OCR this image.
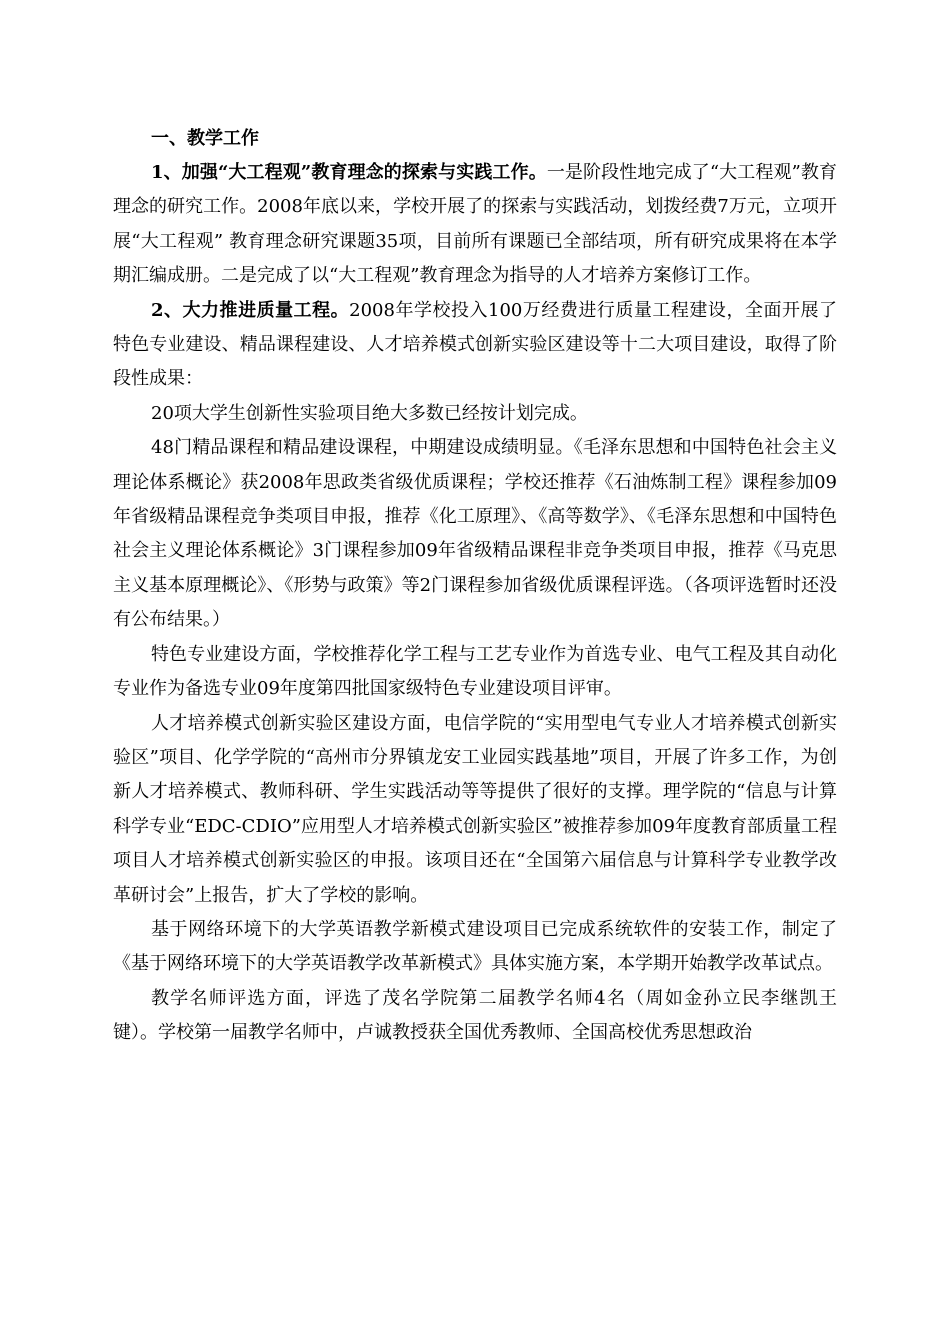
一、教学工作

1、加强“大工程观”教育理念的探索与实践工作。一是阶段性地完成了“大工程观”教育理念的研究工作。2008年底以来，学校开展了的探索与实践活动，划拨经费7万元，立项开展“大工程观” 教育理念研究课题35项，目前所有课题已全部结项，所有研究成果将在本学期汇编成册。二是完成了以“大工程观”教育理念为指导的人才培养方案修订工作。

2、大力推进质量工程。2008年学校投入100万经费进行质量工程建设，全面开展了特色专业建设、精品课程建设、人才培养模式创新实验区建设等十二大项目建设，取得了阶段性成果：

20项大学生创新性实验项目绝大多数已经按计划完成。

48门精品课程和精品建设课程，中期建设成绩明显。《毛泽东思想和中国特色社会主义理论体系概论》获2008年思政类省级优质课程；学校还推荐《石油炼制工程》课程参加09年省级精品课程竞争类项目申报，推荐《化工原理》、《高等数学》、《毛泽东思想和中国特色社会主义理论体系概论》3门课程参加09年省级精品课程非竞争类项目申报，推荐《马克思主义基本原理概论》、《形势与政策》等2门课程参加省级优质课程评选。（各项评选暂时还没有公布结果。）

特色专业建设方面，学校推荐化学工程与工艺专业作为首选专业、电气工程及其自动化专业作为备选专业09年度第四批国家级特色专业建设项目评审。

人才培养模式创新实验区建设方面，电信学院的“实用型电气专业人才培养模式创新实验区”项目、化学学院的“高州市分界镇龙安工业园实践基地”项目，开展了许多工作，为创新人才培养模式、教师科研、学生实践活动等等提供了很好的支撑。理学院的“信息与计算科学专业“EDC-CDIO”应用型人才培养模式创新实验区”被推荐参加09年度教育部质量工程项目人才培养模式创新实验区的申报。该项目还在“全国第六届信息与计算科学专业教学改革研讨会”上报告，扩大了学校的影响。

基于网络环境下的大学英语教学新模式建设项目已完成系统软件的安装工作，制定了《基于网络环境下的大学英语教学改革新模式》具体实施方案，本学期开始教学改革试点。

教学名师评选方面，评选了茂名学院第二届教学名师4名（周如金孙立民李继凯王键）。学校第一届教学名师中，卢诚教授获全国优秀教师、全国高校优秀思想政治
